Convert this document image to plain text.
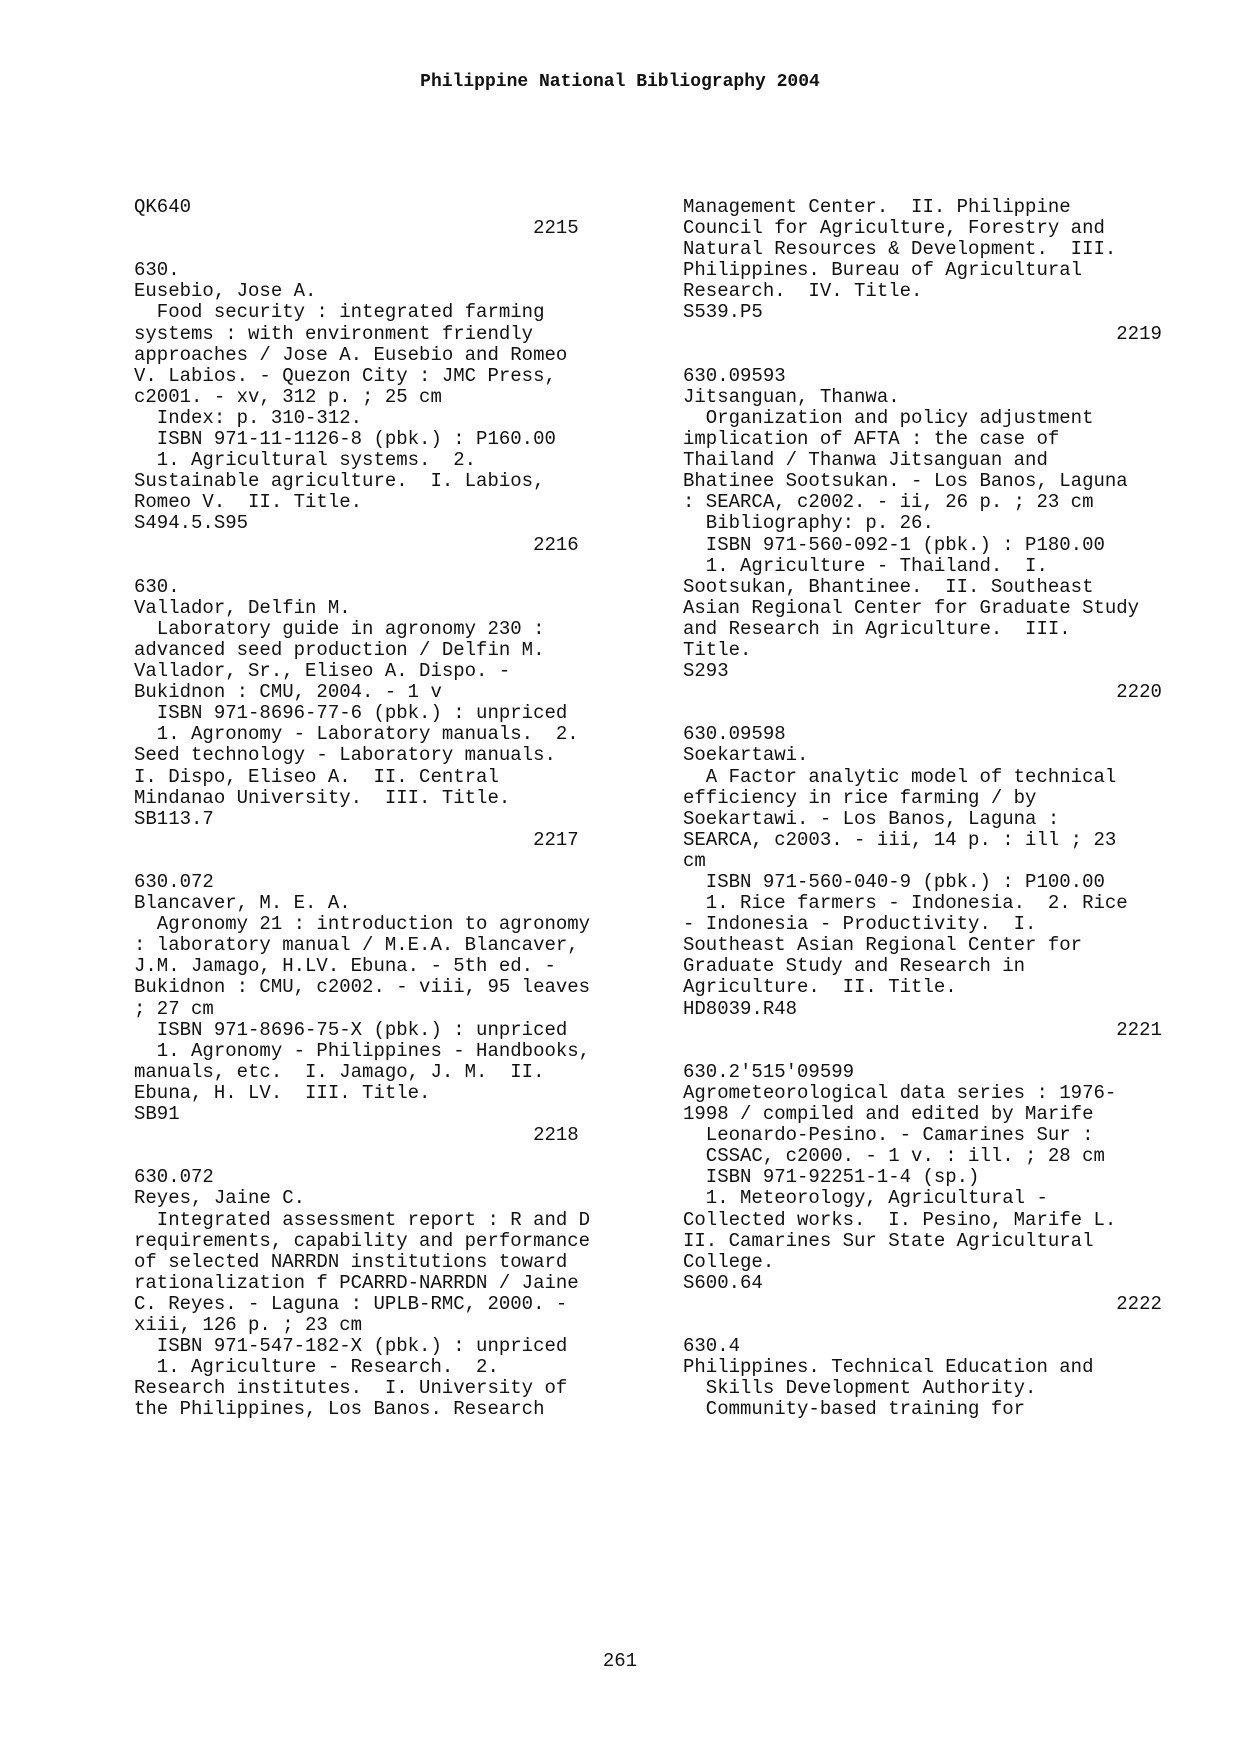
Philippine National Bibliography 2004
QK640
2215
630.
Eusebio, Jose A.
Food security : integrated farming
systems : with environment friendly
approaches / Jose A. Eusebio and Romeo
V. Labios. - Quezon City : JMC Press,
c2001. - xv, 312 p. ; 25 cm
Index: p. 310-312.
ISBN 971-11-1126-8 (pbk.) : P160.00
1. Agricultural systems.  2.
Sustainable agriculture.  I. Labios,
Romeo V.  II. Title.
S494.5.S95
2216
630.
Vallador, Delfin M.
Laboratory guide in agronomy 230 :
advanced seed production / Delfin M.
Vallador, Sr., Eliseo A. Dispo. -
Bukidnon : CMU, 2004. - 1 v
ISBN 971-8696-77-6 (pbk.) : unpriced
1. Agronomy - Laboratory manuals.  2.
Seed technology - Laboratory manuals.
I. Dispo, Eliseo A.  II. Central
Mindanao University.  III. Title.
SB113.7
2217
630.072
Blancaver, M. E. A.
Agronomy 21 : introduction to agronomy
: laboratory manual / M.E.A. Blancaver,
J.M. Jamago, H.LV. Ebuna. - 5th ed. -
Bukidnon : CMU, c2002. - viii, 95 leaves
; 27 cm
ISBN 971-8696-75-X (pbk.) : unpriced
1. Agronomy - Philippines - Handbooks,
manuals, etc.  I. Jamago, J. M.  II.
Ebuna, H. LV.  III. Title.
SB91
2218
630.072
Reyes, Jaine C.
Integrated assessment report : R and D
requirements, capability and performance
of selected NARRDN institutions toward
rationalization f PCARRD-NARRDN / Jaine
C. Reyes. - Laguna : UPLB-RMC, 2000. -
xiii, 126 p. ; 23 cm
ISBN 971-547-182-X (pbk.) : unpriced
1. Agriculture - Research.  2.
Research institutes.  I. University of
the Philippines, Los Banos. Research
Management Center.  II. Philippine
Council for Agriculture, Forestry and
Natural Resources & Development.  III.
Philippines. Bureau of Agricultural
Research.  IV. Title.
S539.P5
2219
630.09593
Jitsanguan, Thanwa.
Organization and policy adjustment
implication of AFTA : the case of
Thailand / Thanwa Jitsanguan and
Bhatinee Sootsukan. - Los Banos, Laguna
: SEARCA, c2002. - ii, 26 p. ; 23 cm
Bibliography: p. 26.
ISBN 971-560-092-1 (pbk.) : P180.00
1. Agriculture - Thailand.  I.
Sootsukan, Bhantinee.  II. Southeast
Asian Regional Center for Graduate Study
and Research in Agriculture.  III.
Title.
S293
2220
630.09598
Soekartawi.
A Factor analytic model of technical
efficiency in rice farming / by
Soekartawi. - Los Banos, Laguna :
SEARCA, c2003. - iii, 14 p. : ill ; 23
cm
ISBN 971-560-040-9 (pbk.) : P100.00
1. Rice farmers - Indonesia.  2. Rice
- Indonesia - Productivity.  I.
Southeast Asian Regional Center for
Graduate Study and Research in
Agriculture.  II. Title.
HD8039.R48
2221
630.2'515'09599
Agrometeorological data series : 1976-
1998 / compiled and edited by Marife
Leonardo-Pesino. - Camarines Sur :
CSSAC, c2000. - 1 v. : ill. ; 28 cm
ISBN 971-92251-1-4 (sp.)
1. Meteorology, Agricultural -
Collected works.  I. Pesino, Marife L.
II. Camarines Sur State Agricultural
College.
S600.64
2222
630.4
Philippines. Technical Education and
Skills Development Authority.
Community-based training for
261
